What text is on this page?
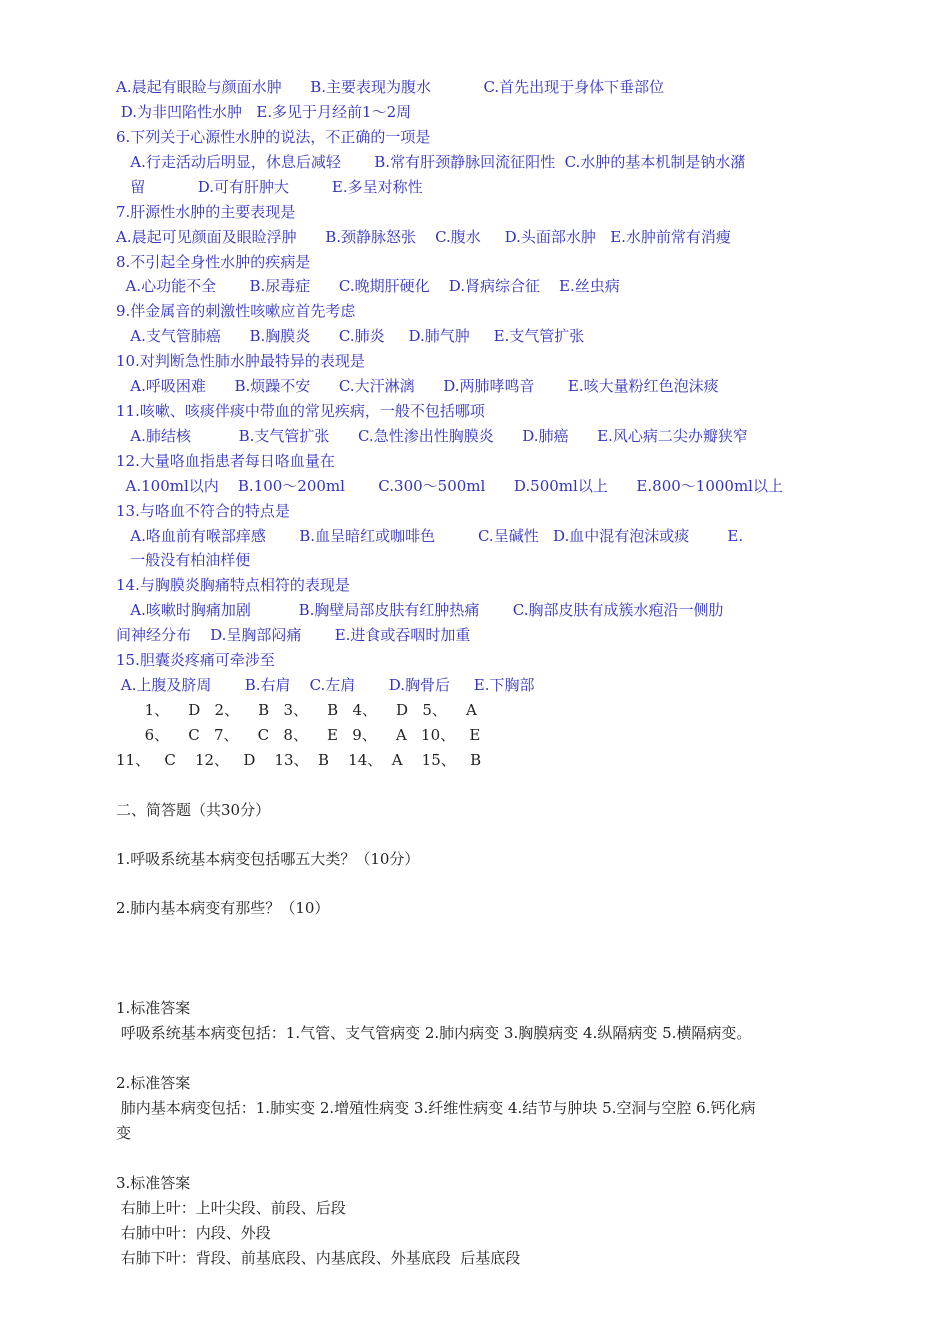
A.晨起有眼睑与颜面水肿      B.主要表现为腹水           C.首先出现于身体下垂部位
D.为非凹陷性水肿   E.多见于月经前1～2周
6.下列关于心源性水肿的说法，不正确的一项是
A.行走活动后明显，休息后减轻       B.常有肝颈静脉回流征阳性  C.水肿的基本机制是钠水潴
留           D.可有肝肿大         E.多呈对称性
7.肝源性水肿的主要表现是
A.晨起可见颜面及眼睑浮肿      B.颈静脉怒张    C.腹水     D.头面部水肿   E.水肿前常有消瘦
8.不引起全身性水肿的疾病是
A.心功能不全       B.尿毒症      C.晚期肝硬化    D.肾病综合征    E.丝虫病
9.伴金属音的刺激性咳嗽应首先考虑
A.支气管肺癌      B.胸膜炎      C.肺炎     D.肺气肿     E.支气管扩张
10.对判断急性肺水肿最特异的表现是
A.呼吸困难      B.烦躁不安      C.大汗淋漓      D.两肺哮鸣音       E.咳大量粉红色泡沫痰
11.咳嗽、咳痰伴痰中带血的常见疾病，一般不包括哪项
A.肺结核          B.支气管扩张      C.急性渗出性胸膜炎      D.肺癌      E.风心病二尖办瓣狭窄
12.大量咯血指患者每日咯血量在
A.100ml以内    B.100～200ml       C.300～500ml      D.500ml以上      E.800～1000ml以上
13.与咯血不符合的特点是
A.咯血前有喉部痒感       B.血呈暗红或咖啡色         C.呈碱性   D.血中混有泡沫或痰        E.
一般没有柏油样便
14.与胸膜炎胸痛特点相符的表现是
A.咳嗽时胸痛加剧          B.胸壁局部皮肤有红肿热痛       C.胸部皮肤有成簇水疱沿一侧肋
间神经分布    D.呈胸部闷痛       E.进食或吞咽时加重
15.胆囊炎疼痛可牵涉至
A.上腹及脐周       B.右肩    C.左肩       D.胸骨后     E.下胸部
1、    D   2、    B   3、    B   4、    D   5、    A
6、    C   7、    C   8、    E   9、    A   10、   E
11、   C    12、   D    13、  B    14、  A    15、   B
二、简答题（共30分）
1.呼吸系统基本病变包括哪五大类？（10分）
2.肺内基本病变有那些？（10）
1.标准答案
呼吸系统基本病变包括：1.气管、支气管病变 2.肺内病变 3.胸膜病变 4.纵隔病变 5.横隔病变。
2.标准答案
肺内基本病变包括：1.肺实变 2.增殖性病变 3.纤维性病变 4.结节与肿块 5.空洞与空腔 6.钙化病
变
3.标准答案
右肺上叶：上叶尖段、前段、后段
右肺中叶：内段、外段
右肺下叶：背段、前基底段、内基底段、外基底段  后基底段
